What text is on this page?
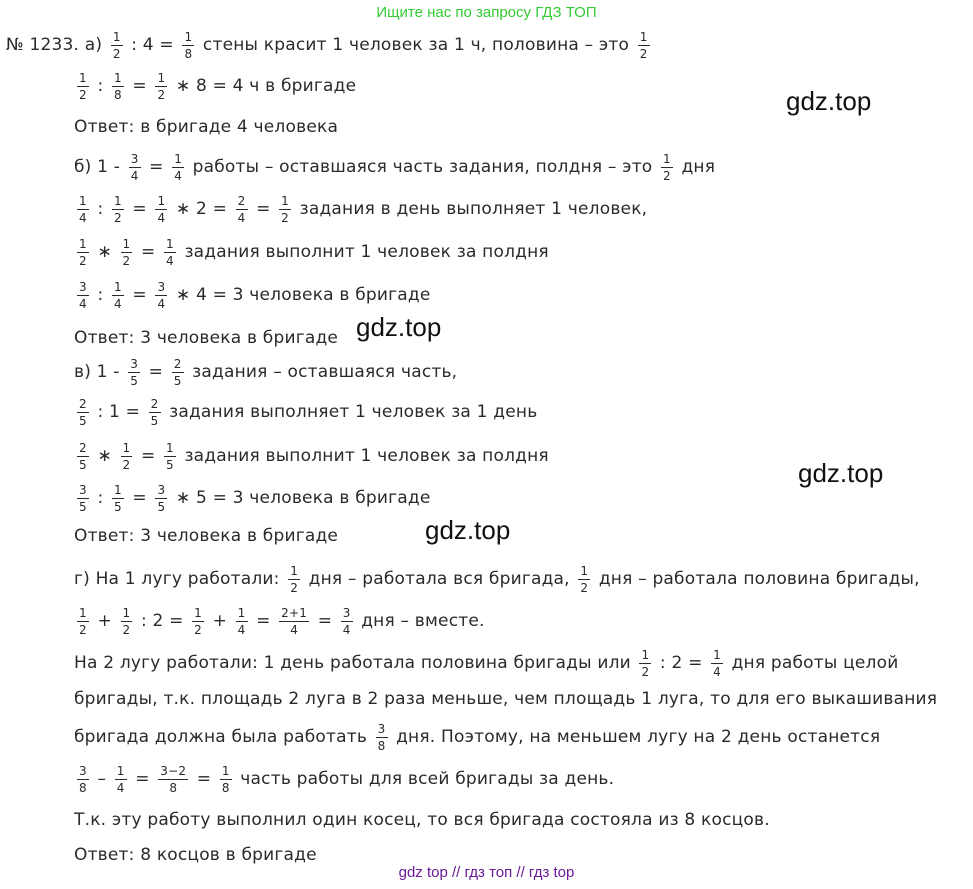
Ищите нас по запросу ГДЗ ТОП
№ 1233. $а) \frac{1}{2}$ : $4 = \frac{1}{8}$ стены красит 1 человек за 1 ч, половина – это $\frac{1}{2}$
$\frac{1}{2}$ : $\frac{1}{8} = \frac{1}{2}$ ∗ 8 = 4 ч в бригаде
Ответ: в бригаде 4 человека
б) $1 - \frac{3}{4} = \frac{1}{4}$ работы – оставшаяся часть задания, полдня – это $\frac{1}{2}$ дня
$\frac{1}{4}$ : $\frac{1}{2} = \frac{1}{4}$ ∗ $2 = \frac{2}{4} = \frac{1}{2}$ задания в день выполняет 1 человек,
$\frac{1}{2}$ ∗ $\frac{1}{2} = \frac{1}{4}$ задания выполнит 1 человек за полдня
$\frac{3}{4}$ : $\frac{1}{4} = \frac{3}{4}$ ∗ 4 = 3 человека в бригаде
Ответ: 3 человека в бригаде
в) $1 - \frac{3}{5} = \frac{2}{5}$ задания – оставшаяся часть,
$\frac{2}{5}$ : $1 = \frac{2}{5}$ задания выполняет 1 человек за 1 день
$\frac{2}{5}$ ∗ $\frac{1}{2} = \frac{1}{5}$ задания выполнит 1 человек за полдня
$\frac{3}{5}$ : $\frac{1}{5} = \frac{3}{5}$ ∗ 5 = 3 человека в бригаде
Ответ: 3 человека в бригаде
г) На 1 лугу работали: $\frac{1}{2}$ дня – работала вся бригада, $\frac{1}{2}$ дня – работала половина бригады,
$\frac{1}{2} + \frac{1}{2}$ : $2 = \frac{1}{2} + \frac{1}{4} = \frac{2+1}{4} = \frac{3}{4}$ дня – вместе.
На 2 лугу работали: 1 день работала половина бригады или $\frac{1}{2}$ : $2 = \frac{1}{4}$ дня работы целой
бригады, т.к. площадь 2 луга в 2 раза меньше, чем площадь 1 луга, то для его выкашивания
бригада должна была работать $\frac{3}{8}$ дня. Поэтому, на меньшем лугу на 2 день останется
$\frac{3}{8} - \frac{1}{4} = \frac{3-2}{8} = \frac{1}{8}$ часть работы для всей бригады за день.
Т.к. эту работу выполнил один косец, то вся бригада состояла из 8 косцов.
Ответ: 8 косцов в бригаде
gdz.top
gdz.top
gdz.top
gdz.top
gdz top // гдз топ // гдз top
